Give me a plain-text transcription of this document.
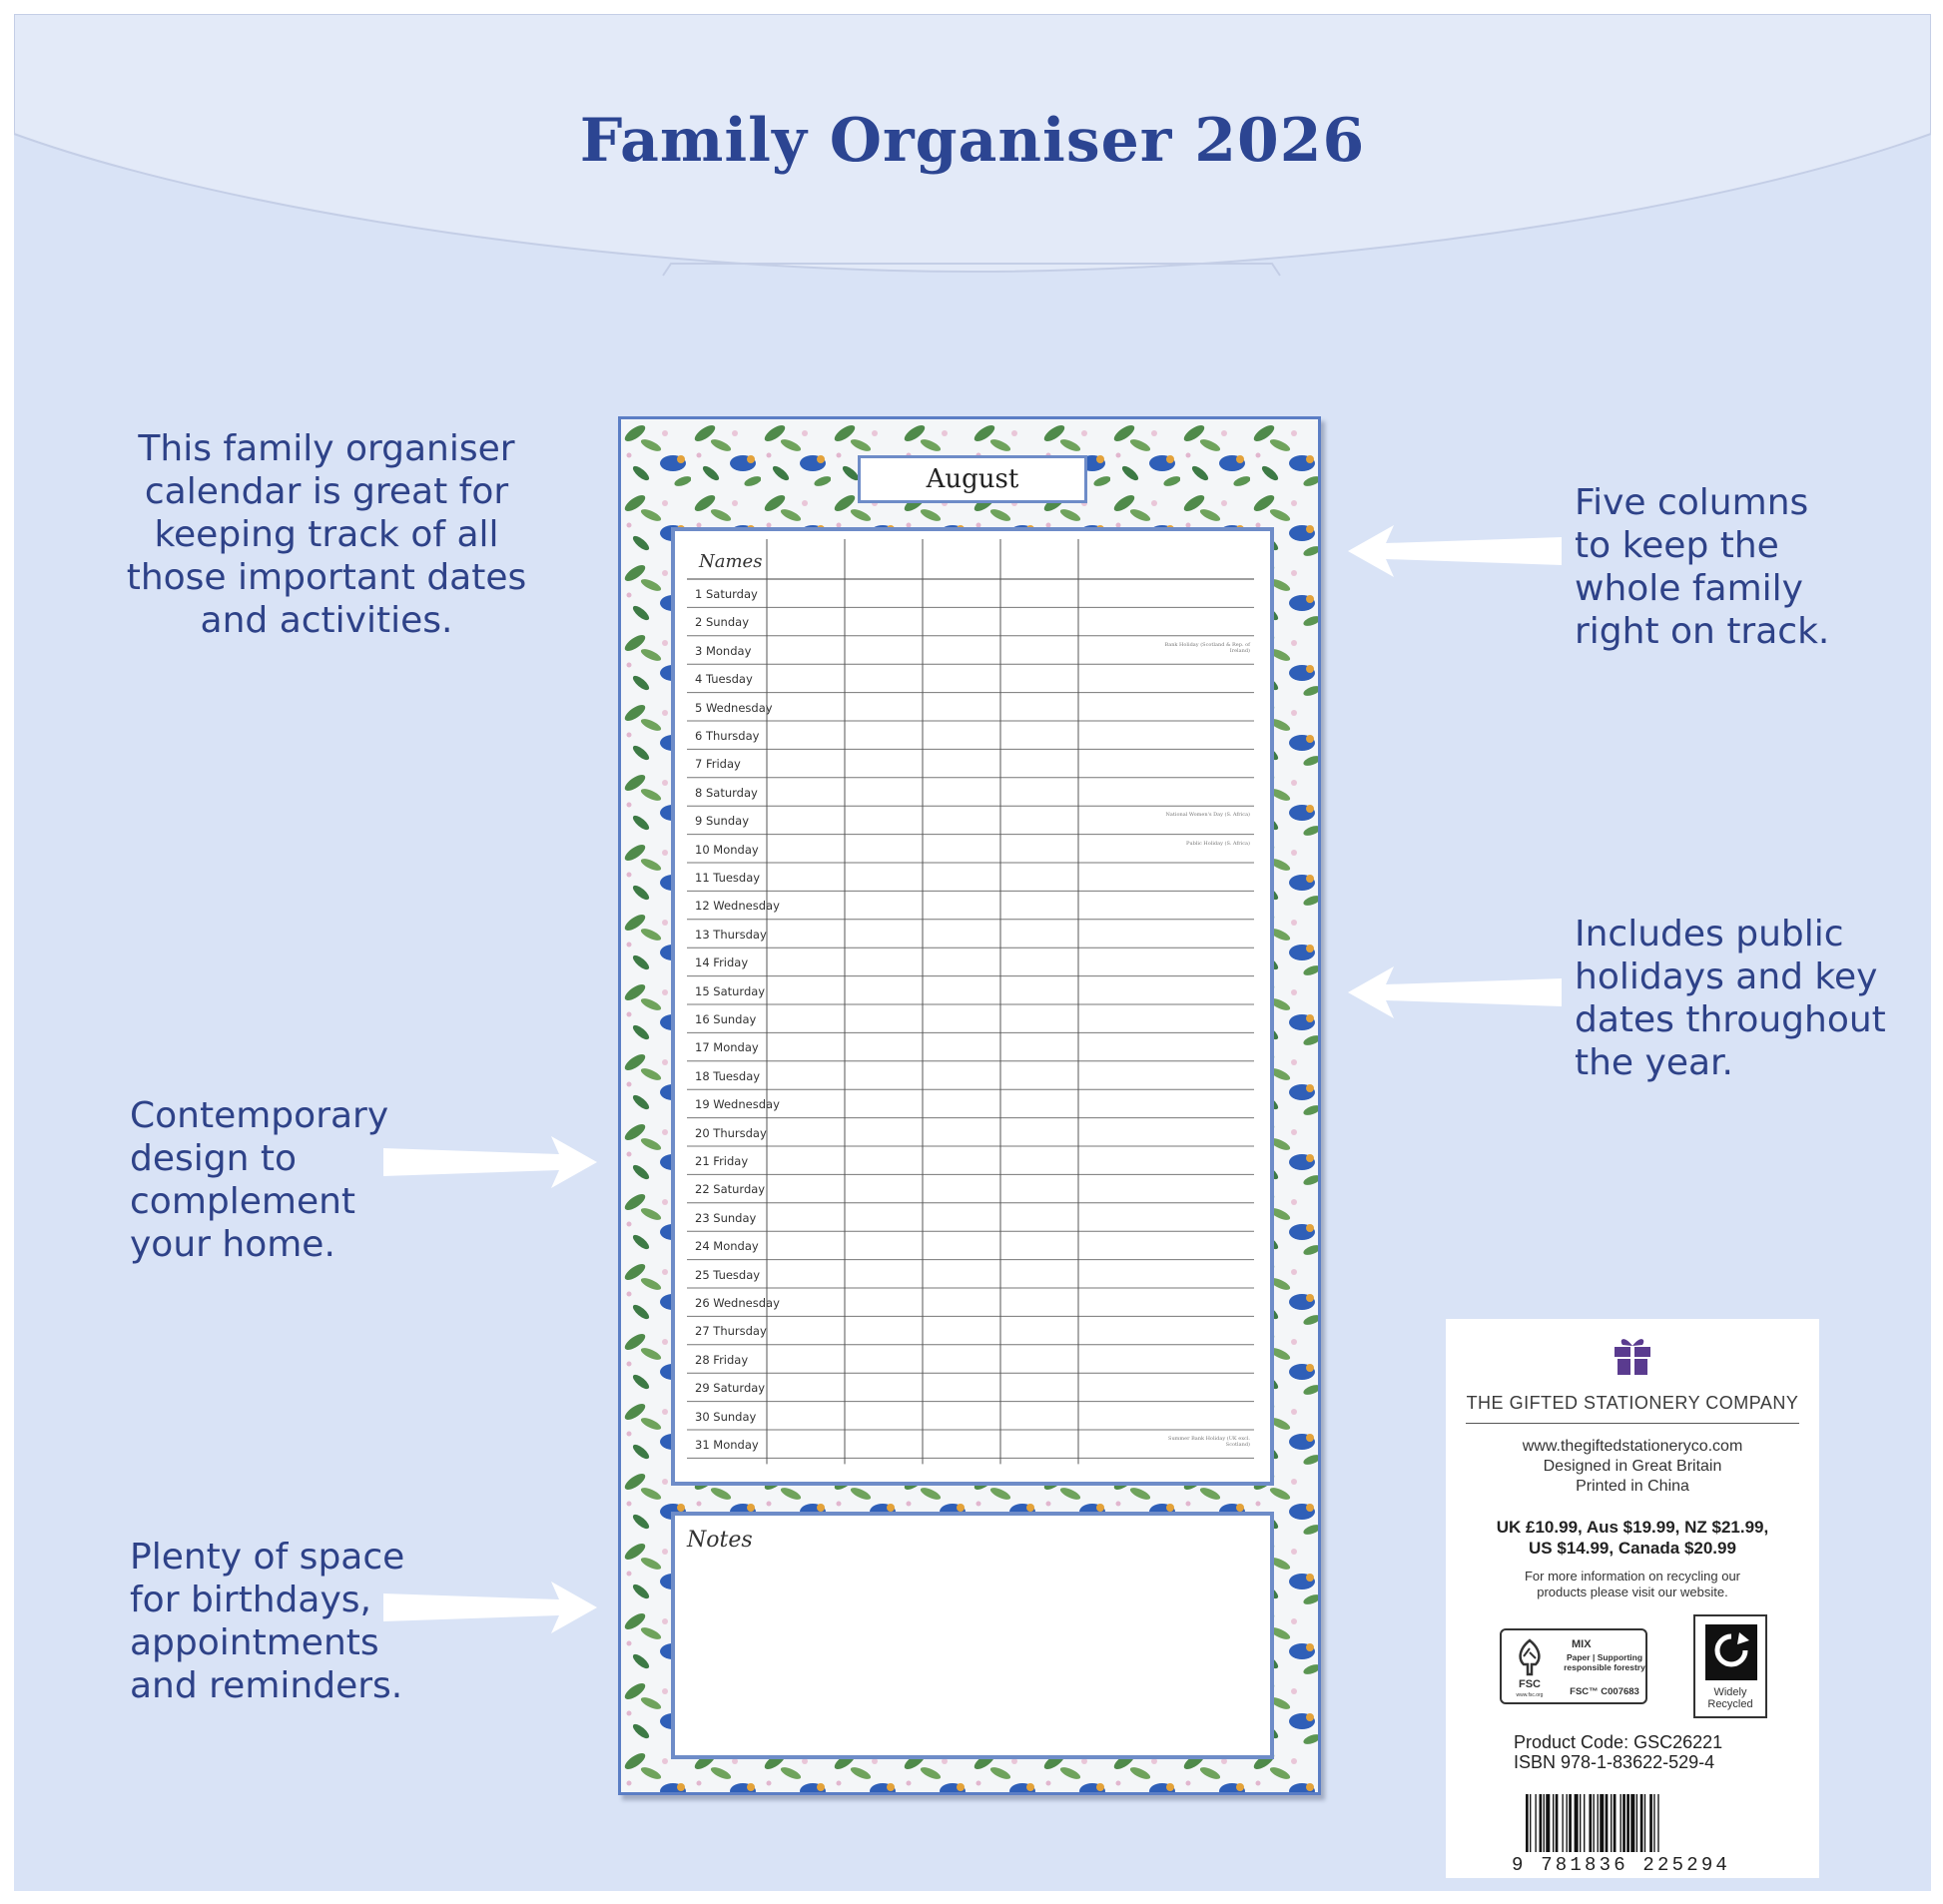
Family Organiser 2026
This family organiser
calendar is great for
keeping track of all
those important dates
and activities.
Five columns
to keep the
whole family
right on track.
Includes public
holidays and key
dates throughout
the year.
Contemporary
design to
complement
your home.
Plenty of space
for birthdays,
appointments
and reminders.
August
Names
1 Saturday
2 Sunday
3 Monday
4 Tuesday
5 Wednesday
6 Thursday
7 Friday
8 Saturday
9 Sunday
10 Monday
11 Tuesday
12 Wednesday
13 Thursday
14 Friday
15 Saturday
16 Sunday
17 Monday
18 Tuesday
19 Wednesday
20 Thursday
21 Friday
22 Saturday
23 Sunday
24 Monday
25 Tuesday
26 Wednesday
27 Thursday
28 Friday
29 Saturday
30 Sunday
31 Monday
Bank Holiday (Scotland & Rep. of Ireland)
National Women's Day (S. Africa)
Public Holiday (S. Africa)
Summer Bank Holiday (UK excl. Scotland)
Notes
THE GIFTED STATIONERY COMPANY
www.thegiftedstationeryco.com
Designed in Great Britain
Printed in China
UK £10.99, Aus $19.99, NZ $21.99,
US $14.99, Canada $20.99
For more information on recycling our
products please visit our website.
MIX
Paper | Supporting responsible forestry
FSC™ C007683
FSC
www.fsc.org	Widely Recycled
Product Code: GSC26221
ISBN 978-1-83622-529-4
9 781836 225294
